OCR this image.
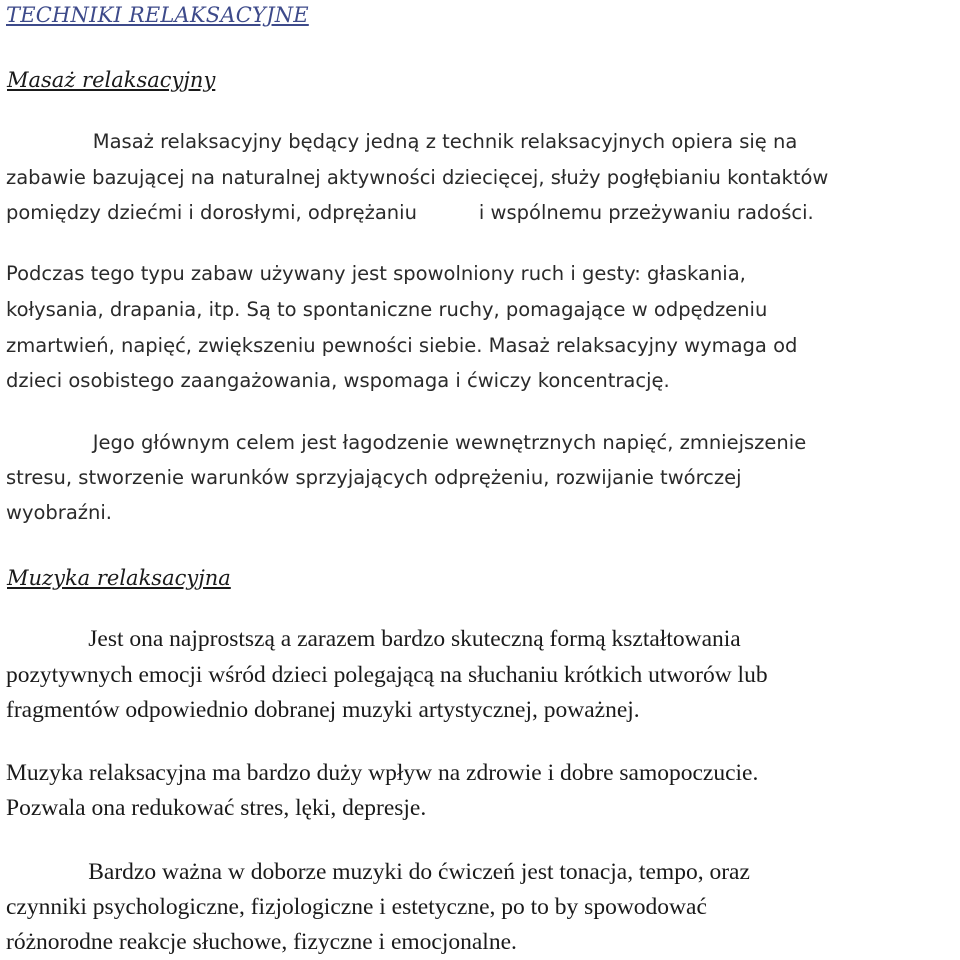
TECHNIKI RELAKSACYJNE
Masaż relaksacyjny

Masaż relaksacyjny będący jedną z technik relaksacyjnych opiera się na

zabawie bazującej na naturalnej aktywności dziecięcej, służy pogłębianiu kontaktów

pomiędzy dziećmi i dorosłymi, odprężaniu          i wspólnemu przeżywaniu radości.

Podczas tego typu zabaw używany jest spowolniony ruch i gesty: głaskania,

kołysania, drapania, itp. Są to spontaniczne ruchy, pomagające w odpędzeniu

zmartwień, napięć, zwiększeniu pewności siebie. Masaż relaksacyjny wymaga od

dzieci osobistego zaangażowania, wspomaga i ćwiczy koncentrację.

Jego głównym celem jest łagodzenie wewnętrznych napięć, zmniejszenie

stresu, stworzenie warunków sprzyjających odprężeniu, rozwijanie twórczej

wyobraźni.

Muzyka relaksacyjna

Jest ona najprostszą a zarazem bardzo skuteczną formą kształtowania

pozytywnych emocji wśród dzieci polegającą na słuchaniu krótkich utworów lub

fragmentów odpowiednio dobranej muzyki artystycznej, poważnej.

Muzyka relaksacyjna ma bardzo duży wpływ na zdrowie i dobre samopoczucie.

Pozwala ona redukować stres, lęki, depresje.

Bardzo ważna w doborze muzyki do ćwiczeń jest tonacja, tempo, oraz

czynniki psychologiczne, fizjologiczne i estetyczne, po to by spowodować

różnorodne reakcje słuchowe, fizyczne i emocjonalne.
